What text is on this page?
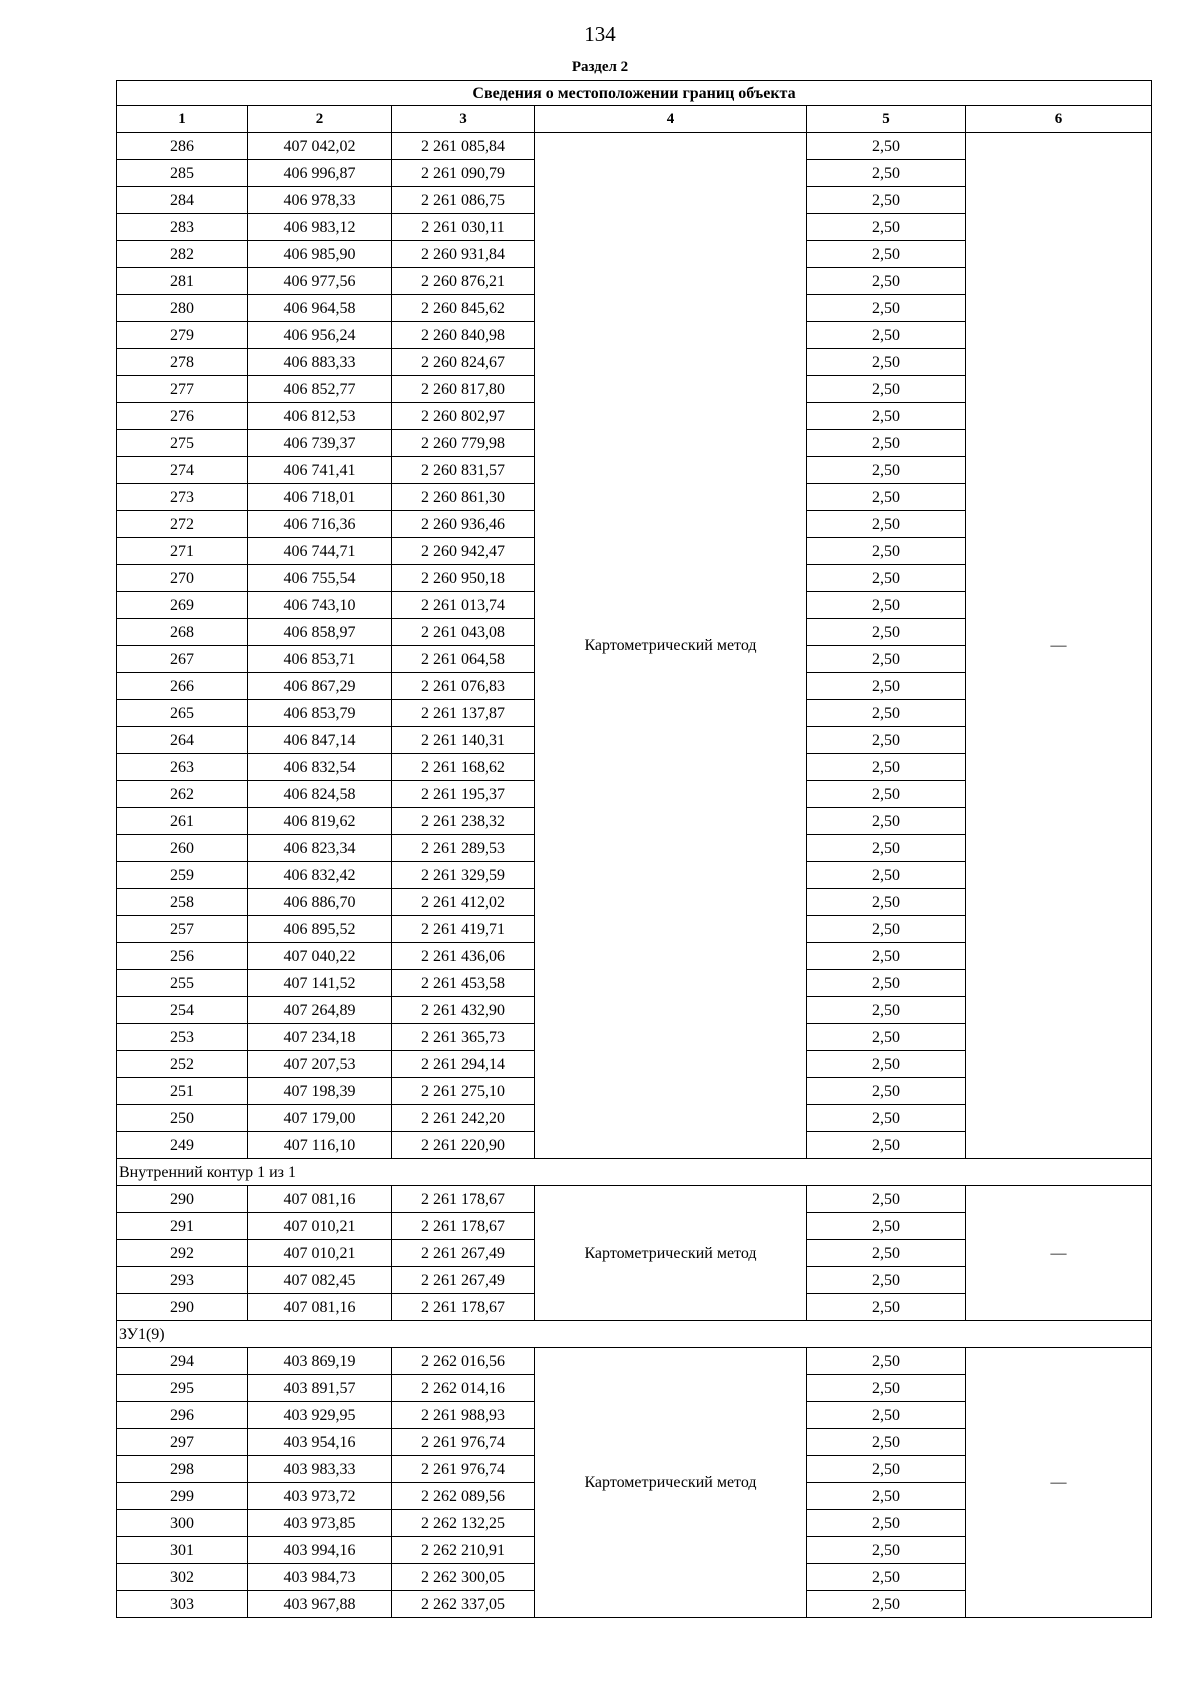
134
Раздел 2
Сведения о местоположении границ объекта					
1	2	3	4	5	6
286	407 042,02	2 261 085,84	Картометрический метод	2,50	—
285	406 996,87	2 261 090,79		2,50	
284	406 978,33	2 261 086,75		2,50	
283	406 983,12	2 261 030,11		2,50	
282	406 985,90	2 260 931,84		2,50	
281	406 977,56	2 260 876,21		2,50	
280	406 964,58	2 260 845,62		2,50	
279	406 956,24	2 260 840,98		2,50	
278	406 883,33	2 260 824,67		2,50	
277	406 852,77	2 260 817,80		2,50	
276	406 812,53	2 260 802,97		2,50	
275	406 739,37	2 260 779,98		2,50	
274	406 741,41	2 260 831,57		2,50	
273	406 718,01	2 260 861,30		2,50	
272	406 716,36	2 260 936,46		2,50	
271	406 744,71	2 260 942,47		2,50	
270	406 755,54	2 260 950,18		2,50	
269	406 743,10	2 261 013,74		2,50	
268	406 858,97	2 261 043,08		2,50	
267	406 853,71	2 261 064,58		2,50	
266	406 867,29	2 261 076,83		2,50	
265	406 853,79	2 261 137,87		2,50	
264	406 847,14	2 261 140,31		2,50	
263	406 832,54	2 261 168,62		2,50	
262	406 824,58	2 261 195,37		2,50	
261	406 819,62	2 261 238,32		2,50	
260	406 823,34	2 261 289,53		2,50	
259	406 832,42	2 261 329,59		2,50	
258	406 886,70	2 261 412,02		2,50	
257	406 895,52	2 261 419,71		2,50	
256	407 040,22	2 261 436,06		2,50	
255	407 141,52	2 261 453,58		2,50	
254	407 264,89	2 261 432,90		2,50	
253	407 234,18	2 261 365,73		2,50	
252	407 207,53	2 261 294,14		2,50	
251	407 198,39	2 261 275,10		2,50	
250	407 179,00	2 261 242,20		2,50	
249	407 116,10	2 261 220,90		2,50	
Внутренний контур 1 из 1					
290	407 081,16	2 261 178,67	Картометрический метод	2,50	—
291	407 010,21	2 261 178,67		2,50	
292	407 010,21	2 261 267,49		2,50	
293	407 082,45	2 261 267,49		2,50	
290	407 081,16	2 261 178,67		2,50	
ЗУ1(9)					
294	403 869,19	2 262 016,56	Картометрический метод	2,50	—
295	403 891,57	2 262 014,16		2,50	
296	403 929,95	2 261 988,93		2,50	
297	403 954,16	2 261 976,74		2,50	
298	403 983,33	2 261 976,74		2,50	
299	403 973,72	2 262 089,56		2,50	
300	403 973,85	2 262 132,25		2,50	
301	403 994,16	2 262 210,91		2,50	
302	403 984,73	2 262 300,05		2,50	
303	403 967,88	2 262 337,05		2,50	
